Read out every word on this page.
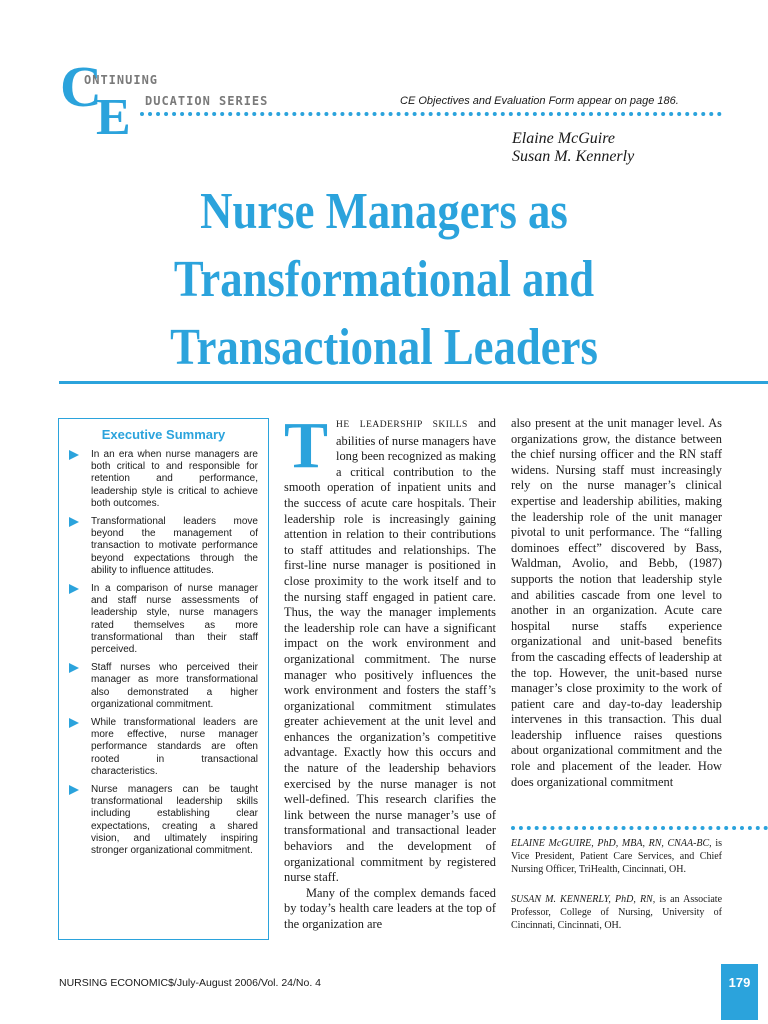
C
E
ONTINUING
DUCATION SERIES	CE Objectives and Evaluation Form appear on page 186.
Elaine McGuire
Susan M. Kennerly
Nurse Managers as
Transformational and
Transactional Leaders
Executive Summary
In an era when nurse managers are both critical to and responsible for retention and performance, leadership style is critical to achieve both outcomes.
Transformational leaders move beyond the management of transaction to motivate performance beyond expectations through the ability to influence attitudes.
In a comparison of nurse manager and staff nurse assessments of leadership style, nurse managers rated themselves as more transformational than their staff perceived.
Staff nurses who perceived their manager as more transformational also demonstrated a higher organizational commitment.
While transformational leaders are more effective, nurse manager performance standards are often rooted in transactional characteristics.
Nurse managers can be taught transformational leadership skills including establishing clear expectations, creating a shared vision, and ultimately inspiring stronger organizational commitment.

THE LEADERSHIP SKILLS and abilities of nurse managers have long been recognized as making a critical contribution to the smooth operation of inpatient units and the success of acute care hospitals. Their leadership role is increasingly gaining attention in relation to their contributions to staff attitudes and relationships. The first-line nurse manager is positioned in close proximity to the work itself and to the nursing staff engaged in patient care. Thus, the way the manager implements the leadership role can have a significant impact on the work environment and organizational commitment. The nurse manager who positively influences the work environment and fosters the staff’s organizational commitment stimulates greater achievement at the unit level and enhances the organization’s competitive advantage. Exactly how this occurs and the nature of the leadership behaviors exercised by the nurse manager is not well-defined. This research clarifies the link between the nurse manager’s use of transformational and transactional leader behaviors and the development of organizational commitment by registered nurse staff.

Many of the complex demands faced by today’s health care leaders at the top of the organization are

also present at the unit manager level. As organizations grow, the distance between the chief nursing officer and the RN staff widens. Nursing staff must increasingly rely on the nurse manager’s clinical expertise and leadership abilities, making the leadership role of the unit manager pivotal to unit performance. The “falling dominoes effect” discovered by Bass, Waldman, Avolio, and Bebb, (1987) supports the notion that leadership style and abilities cascade from one level to another in an organization. Acute care hospital nurse staffs experience organizational and unit-based benefits from the cascading effects of leadership at the top. However, the unit-based nurse manager’s close proximity to the work of patient care and day-to-day leadership intervenes in this transaction. This dual leadership influence raises questions about organizational commitment and the role and placement of the leader. How does organizational commitment

ELAINE McGUIRE, PhD, MBA, RN, CNAA-BC, is Vice President, Patient Care Services, and Chief Nursing Officer, TriHealth, Cincinnati, OH.
SUSAN M. KENNERLY, PhD, RN, is an Associate Professor, College of Nursing, University of Cincinnati, Cincinnati, OH.
NURSING ECONOMIC$/July-August 2006/Vol. 24/No. 4	179
